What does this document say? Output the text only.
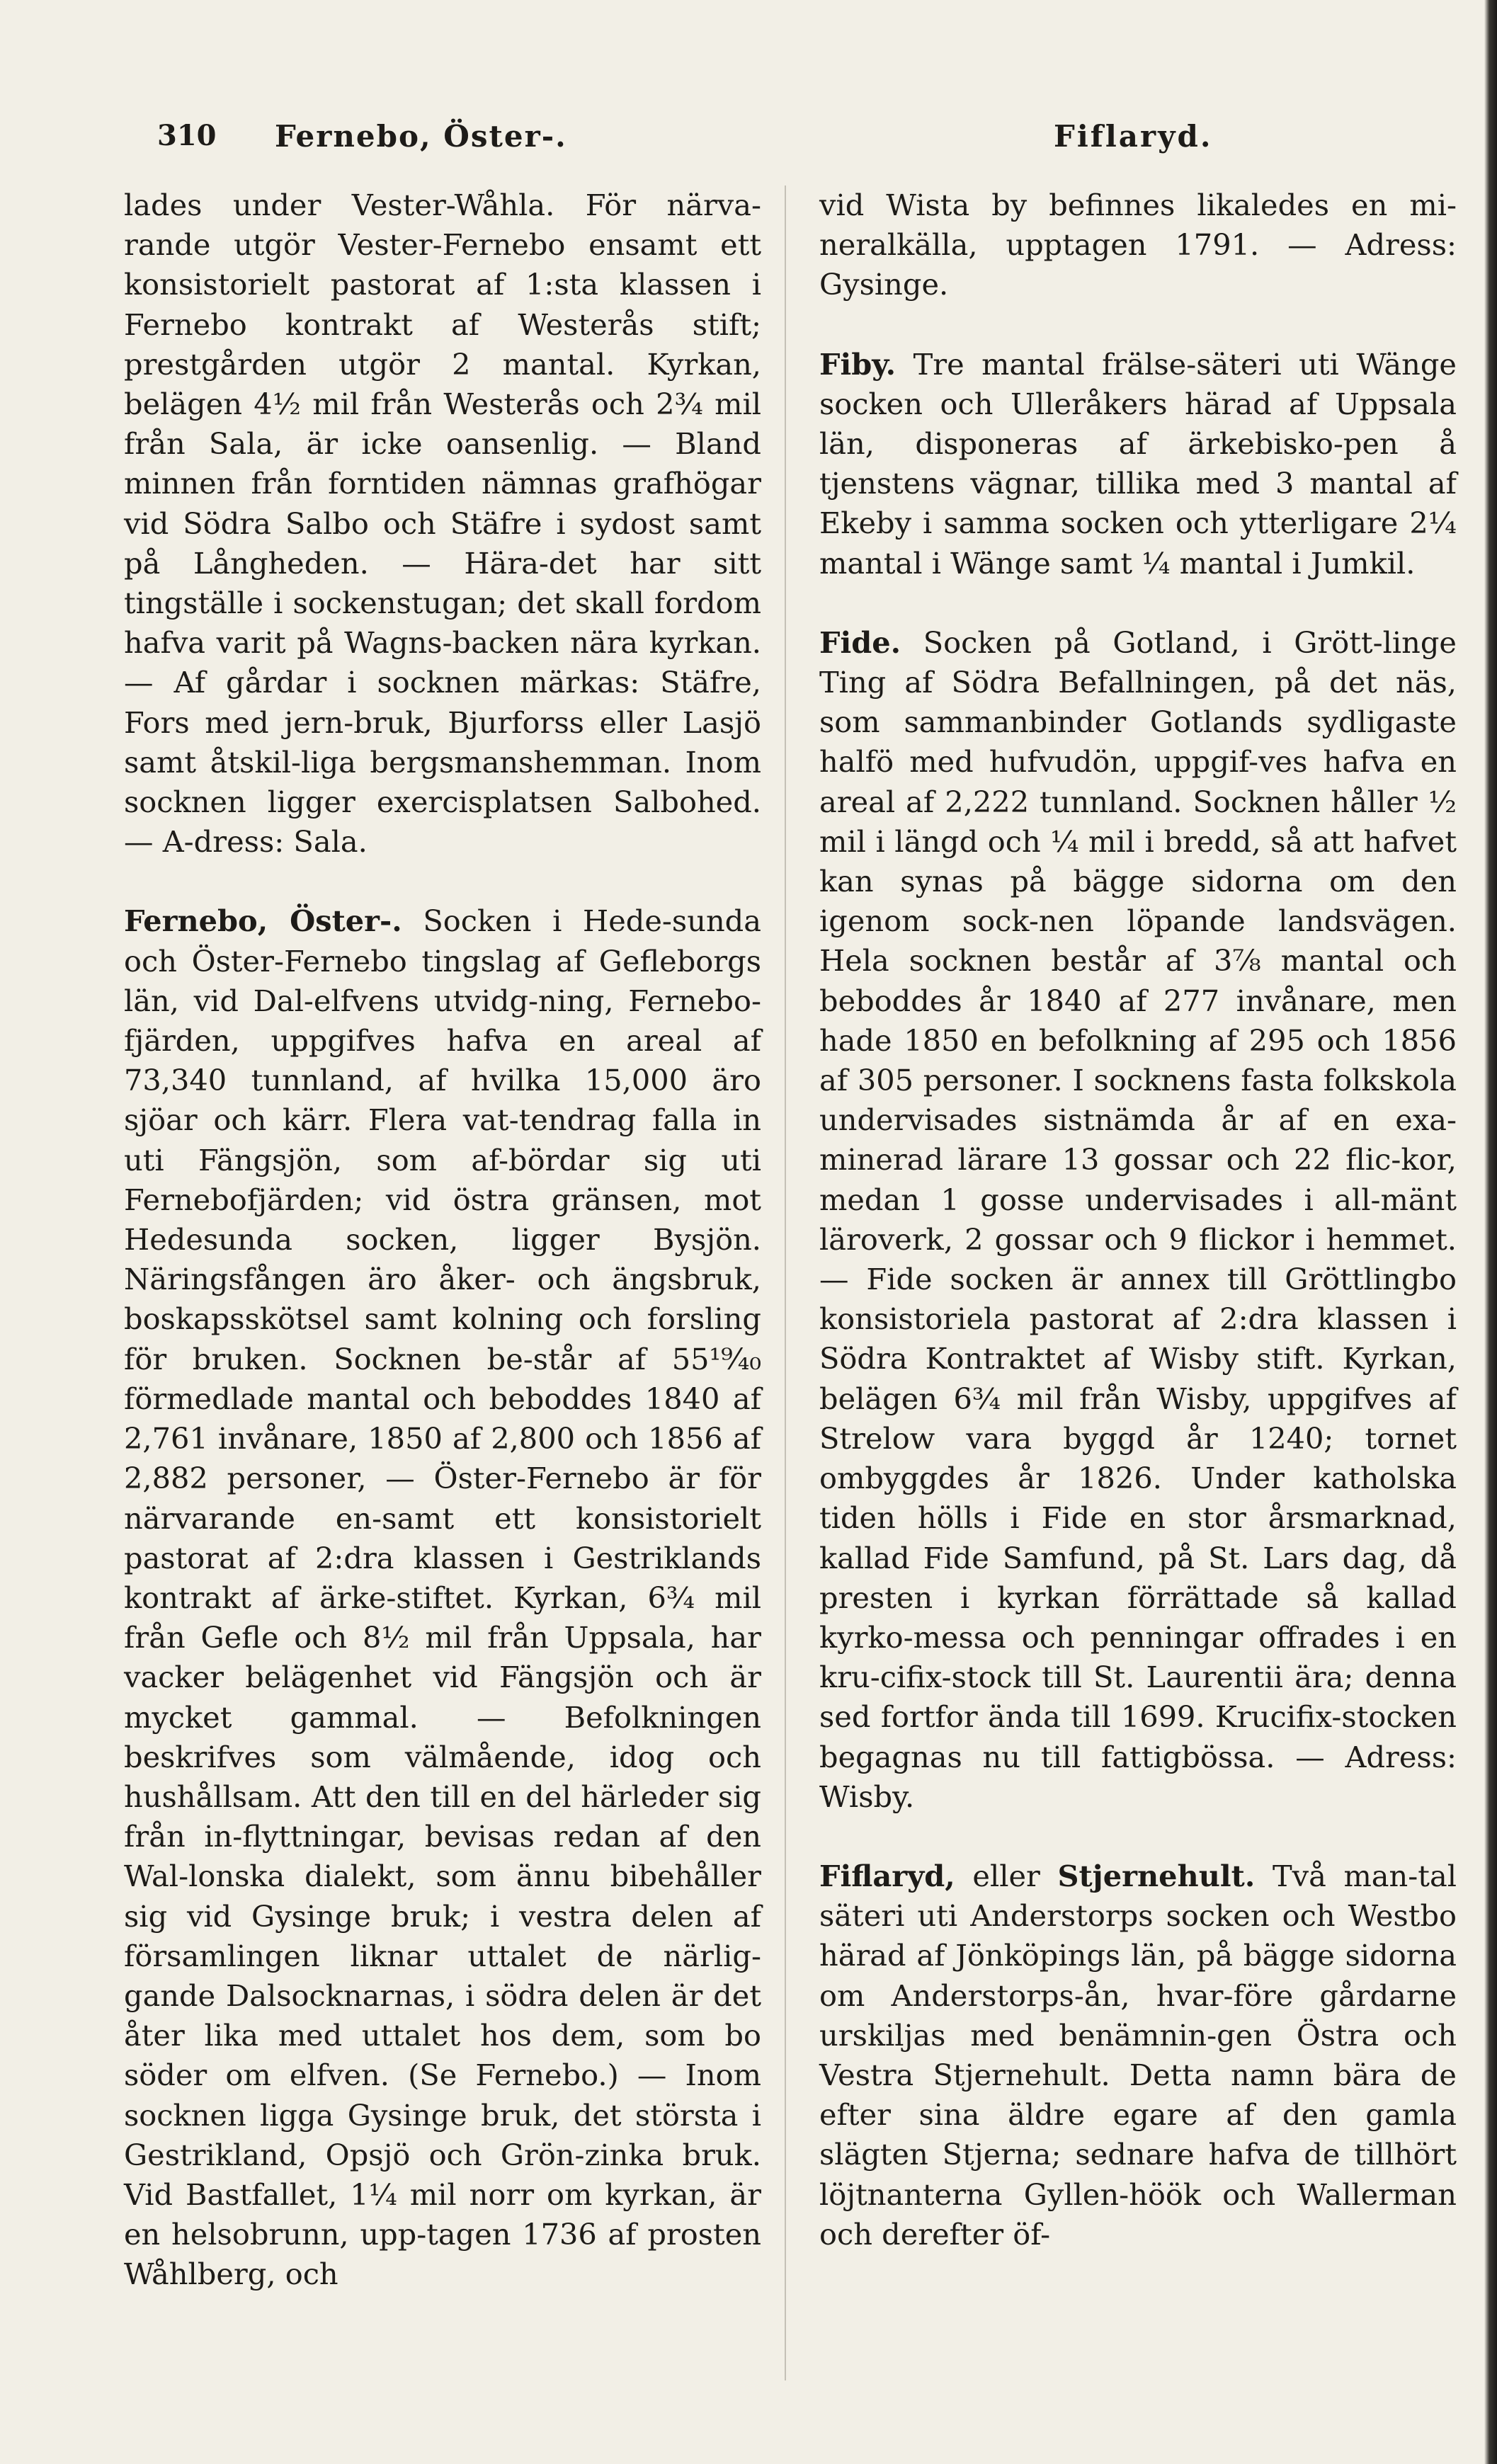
310 Fernebo, Öster-.	Fiflaryd.

lades under Vester-Wåhla. För närva-rande utgör Vester-Fernebo ensamt ett konsistorielt pastorat af 1:sta klassen i Fernebo kontrakt af Westerås stift; prestgården utgör 2 mantal. Kyrkan, belägen 4½ mil från Westerås och 2¾ mil från Sala, är icke oansenlig. — Bland minnen från forntiden nämnas grafhögar vid Södra Salbo och Stäfre i sydost samt på Långheden. — Härа-det har sitt tingställe i sockenstugan; det skall fordom hafva varit på Wagns-backen nära kyrkan. — Af gårdar i socknen märkas: Stäfre, Fors med jern-bruk, Bjurforss eller Lasjö samt åtskil-liga bergsmanshemman. Inom socknen ligger exercisplatsen Salbohed. — A-dress: Sala.

Fernebo, Öster-. Socken i Hede-sunda och Öster-Fernebo tingslag af Gefleborgs län, vid Dal-elfvens utvidg-ning, Fernebo-fjärden, uppgifves hafva en areal af 73,340 tunnland, af hvilka 15,000 äro sjöar och kärr. Flera vat-tendrag falla in uti Fängsjön, som af-bördar sig uti Fernebofjärden; vid östra gränsen, mot Hedesunda socken, ligger Bysjön. Näringsfången äro åker- och ängsbruk, boskapsskötsel samt kolning och forsling för bruken. Socknen be-står af 55¹⁹⁄₄₀ förmedlade mantal och beboddes 1840 af 2,761 invånare, 1850 af 2,800 och 1856 af 2,882 personer, — Öster-Fernebo är för närvarande en-samt ett konsistorielt pastorat af 2:dra klassen i Gestriklands kontrakt af ärke-stiftet. Kyrkan, 6¾ mil från Gefle och 8½ mil från Uppsala, har vacker belägenhet vid Fängsjön och är mycket gammal. — Befolkningen beskrifves som välmående, idog och hushållsam. Att den till en del härleder sig från in-flyttningar, bevisas redan af den Wal-lonska dialekt, som ännu bibehåller sig vid Gysinge bruk; i vestra delen af församlingen liknar uttalet de närlig-gande Dalsocknarnas, i södra delen är det åter lika med uttalet hos dem, som bo söder om elfven. (Se Fernebo.) — Inom socknen ligga Gysinge bruk, det största i Gestrikland, Opsjö och Grön-zinka bruk. Vid Bastfallet, 1¼ mil norr om kyrkan, är en helsobrunn, upp-tagen 1736 af prosten Wåhlberg, och

vid Wista by befinnes likaledes en mi-neralkälla, upptagen 1791. — Adress: Gysinge.

Fiby. Tre mantal frälse-säteri uti Wänge socken och Ulleråkers härad af Uppsala län, disponeras af ärkebisko-pen å tjenstens vägnar, tillika med 3 mantal af Ekeby i samma socken och ytterligare 2¼ mantal i Wänge samt ¼ mantal i Jumkil.

Fide. Socken på Gotland, i Grött-linge Ting af Södra Befallningen, på det näs, som sammanbinder Gotlands sydligaste halfö med hufvudön, uppgif-ves hafva en areal af 2,222 tunnland. Socknen håller ½ mil i längd och ¼ mil i bredd, så att hafvet kan synas på bägge sidorna om den igenom sock-nen löpande landsvägen. Hela socknen består af 3⅞ mantal och beboddes år 1840 af 277 invånare, men hade 1850 en befolkning af 295 och 1856 af 305 personer. I socknens fasta folkskola undervisades sistnämda år af en exa-minerad lärare 13 gossar och 22 flic-kor, medan 1 gosse undervisades i all-mänt läroverk, 2 gossar och 9 flickor i hemmet. — Fide socken är annex till Gröttlingbo konsistoriela pastorat af 2:dra klassen i Södra Kontraktet af Wisby stift. Kyrkan, belägen 6¾ mil från Wisby, uppgifves af Strelow vara byggd år 1240; tornet ombyggdes år 1826. Under katholska tiden hölls i Fide en stor årsmarknad, kallad Fide Samfund, på St. Lars dag, då presten i kyrkan förrättade så kallad kyrko-messa och penningar offrades i en kru-cifix-stock till St. Laurentii ära; denna sed fortfor ända till 1699. Krucifix-stocken begagnas nu till fattigbössa. — Adress: Wisby.

Fiflaryd, eller Stjernehult. Två man-tal säteri uti Anderstorps socken och Westbo härad af Jönköpings län, på bägge sidorna om Anderstorps-ån, hvar-före gårdarne urskiljas med benämnin-gen Östra och Vestra Stjernehult. Detta namn bära de efter sina äldre egare af den gamla slägten Stjerna; sednare hafva de tillhört löjtnanterna Gyllen-höök och Wallerman och derefter öf-
